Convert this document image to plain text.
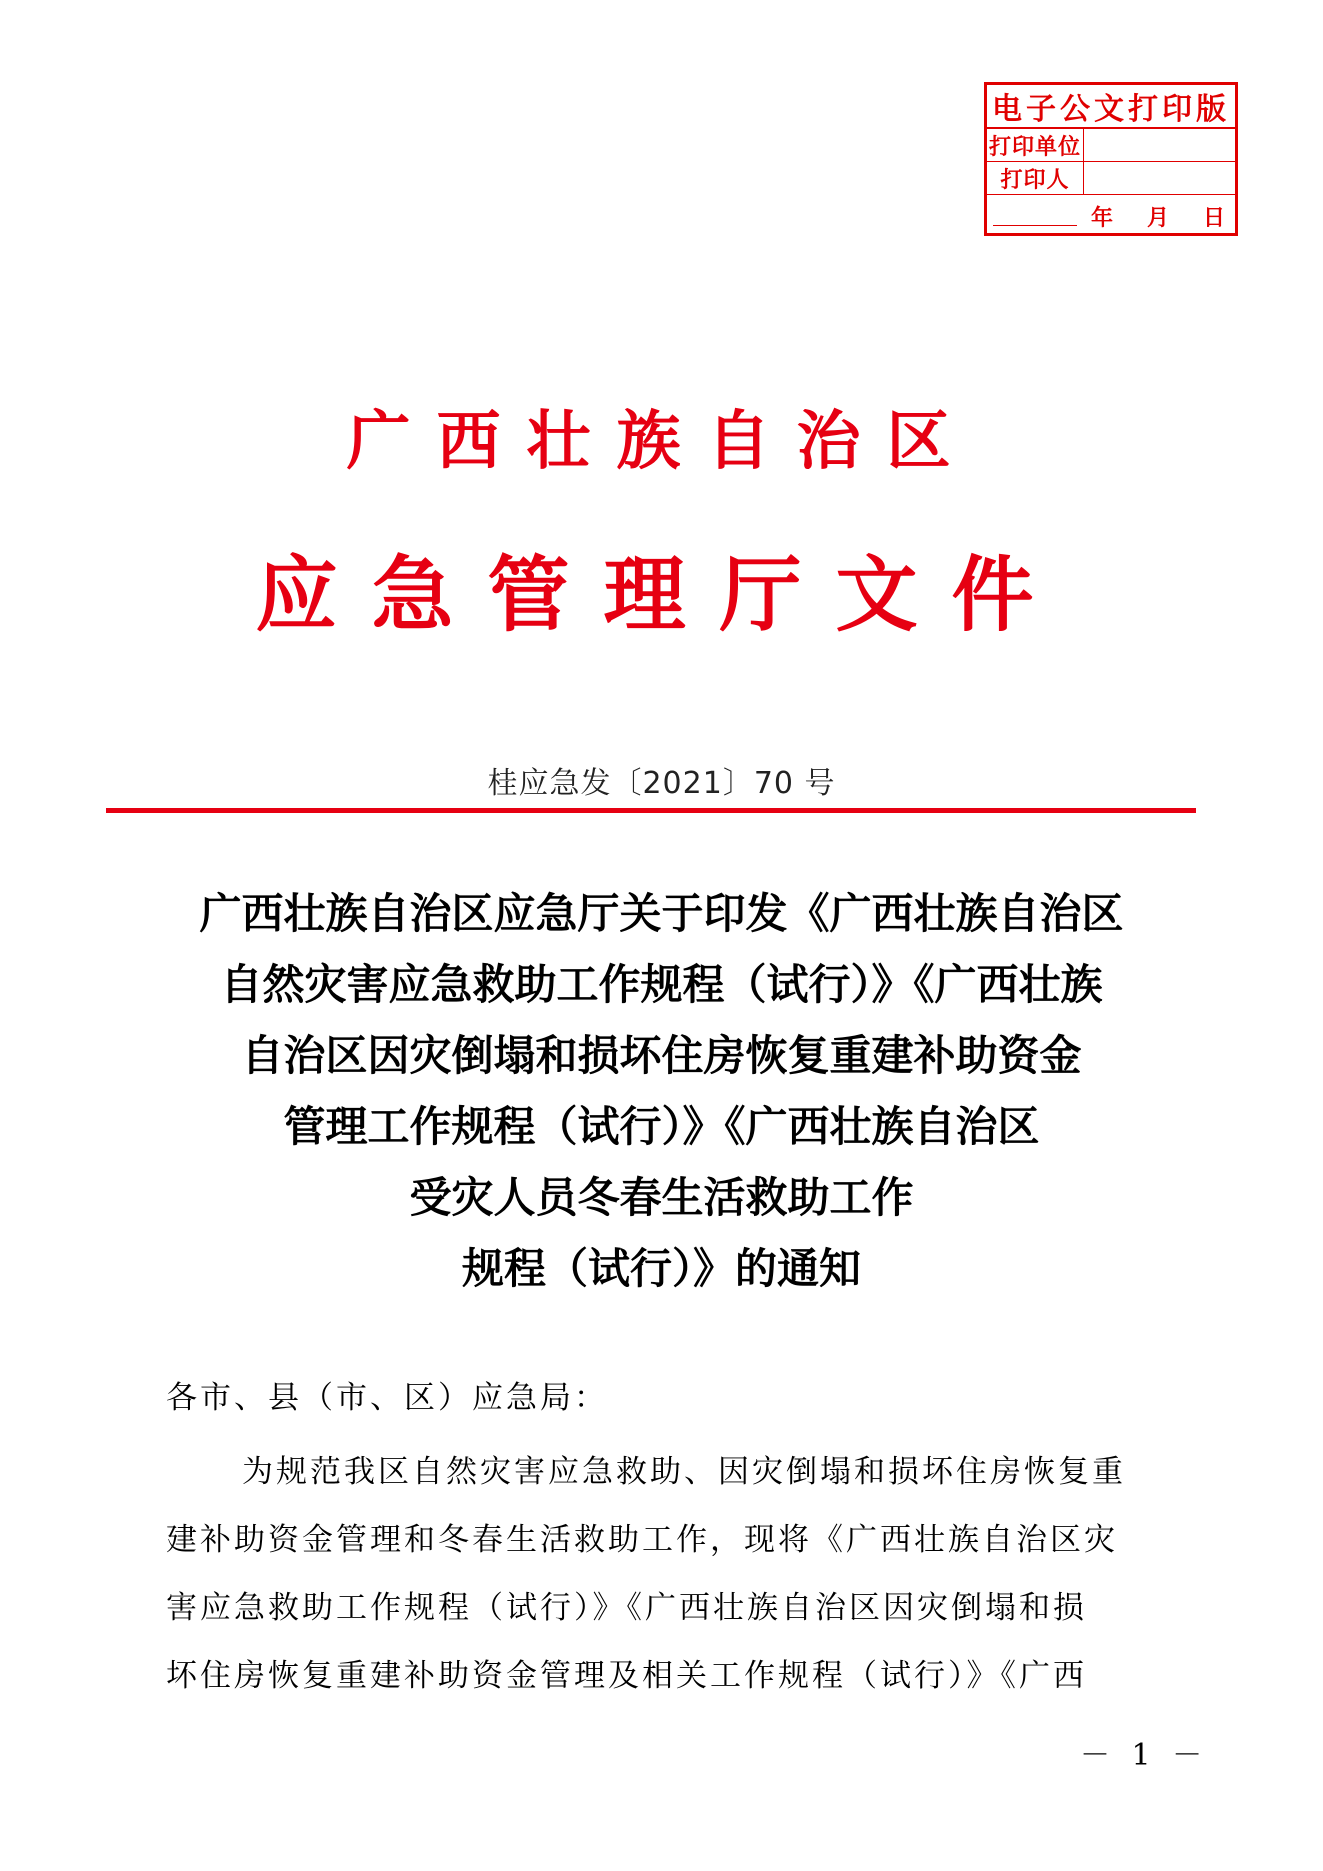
电子公文打印版
打印单位
打印人
年 月 日
广西壮族自治区
应急管理厅文件
桂应急发〔2021〕70 号
广西壮族自治区应急厅关于印发《广西壮族自治区
自然灾害应急救助工作规程（试行）》《广西壮族
自治区因灾倒塌和损坏住房恢复重建补助资金
管理工作规程（试行）》《广西壮族自治区
受灾人员冬春生活救助工作
规程（试行）》的通知
各市、县（市、区）应急局：
为规范我区自然灾害应急救助、因灾倒塌和损坏住房恢复重
建补助资金管理和冬春生活救助工作，现将《广西壮族自治区灾
害应急救助工作规程（试行）》《广西壮族自治区因灾倒塌和损
坏住房恢复重建补助资金管理及相关工作规程（试行）》《广西
－ 1 －
